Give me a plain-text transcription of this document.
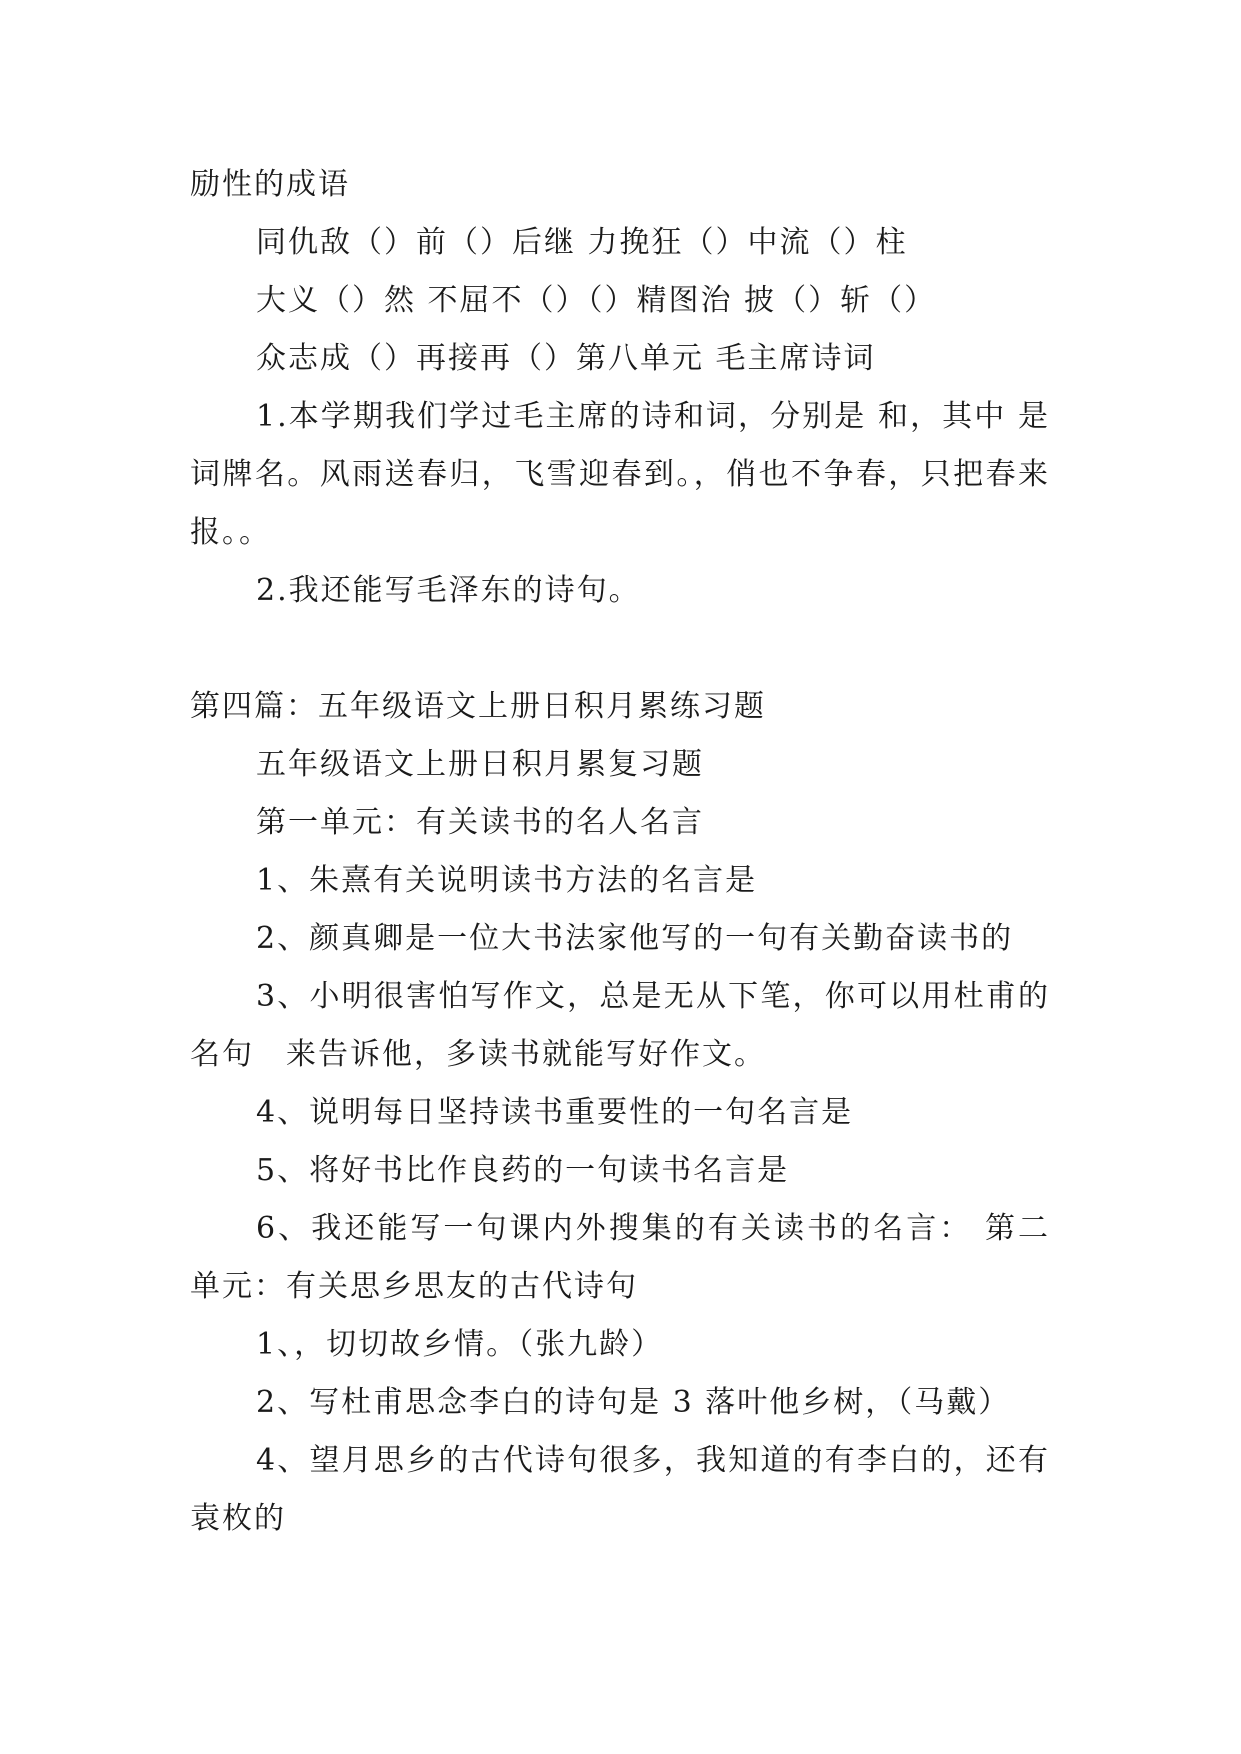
励性的成语

同仇敌（）前（）后继 力挽狂（）中流（）柱

大义（）然 不屈不（）（）精图治 披（）斩（）

众志成（）再接再（）第八单元 毛主席诗词

1.本学期我们学过毛主席的诗和词，分别是 和，其中 是词牌名。风雨送春归，飞雪迎春到。，俏也不争春，只把春来报。。

2.我还能写毛泽东的诗句。

第四篇：五年级语文上册日积月累练习题

五年级语文上册日积月累复习题

第一单元：有关读书的名人名言

1、朱熹有关说明读书方法的名言是

2、颜真卿是一位大书法家他写的一句有关勤奋读书的

3、小明很害怕写作文，总是无从下笔，你可以用杜甫的名句　来告诉他，多读书就能写好作文。

4、说明每日坚持读书重要性的一句名言是

5、将好书比作良药的一句读书名言是

6、我还能写一句课内外搜集的有关读书的名言： 第二单元：有关思乡思友的古代诗句

1、，切切故乡情。（张九龄）

2、写杜甫思念李白的诗句是 3 落叶他乡树，（马戴）

4、望月思乡的古代诗句很多，我知道的有李白的，还有袁枚的
